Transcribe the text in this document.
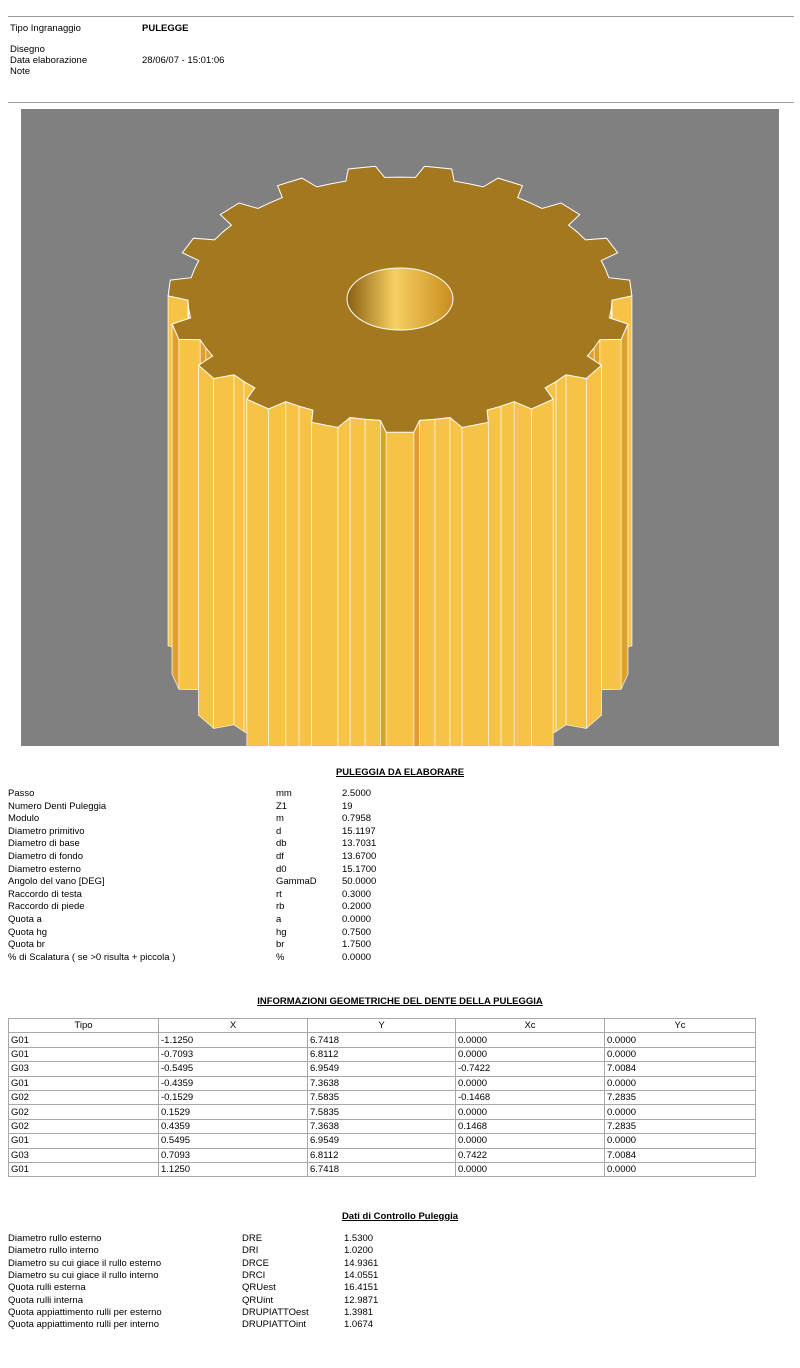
Tipo Ingranaggio	PULEGGE
Disegno
Data elaborazione	28/06/07 - 15:01:06
Note
PULEGGIA DA ELABORARE
Passo	mm	2.5000
Numero Denti Puleggia	Z1	19
Modulo	m	0.7958
Diametro primitivo	d	15.1197
Diametro di base	db	13.7031
Diametro di fondo	df	13.6700
Diametro esterno	d0	15.1700
Angolo del vano [DEG]	GammaD	50.0000
Raccordo di testa	rt	0.3000
Raccordo di piede	rb	0.2000
Quota a	a	0.0000
Quota hg	hg	0.7500
Quota br	br	1.7500
% di Scalatura ( se >0 risulta + piccola )	%	0.0000
INFORMAZIONI GEOMETRICHE DEL DENTE DELLA PULEGGIA
Tipo	X	Y	Xc	Yc
G01	-1.1250	6.7418	0.0000	0.0000
G01	-0.7093	6.8112	0.0000	0.0000
G03	-0.5495	6.9549	-0.7422	7.0084
G01	-0.4359	7.3638	0.0000	0.0000
G02	-0.1529	7.5835	-0.1468	7.2835
G02	0.1529	7.5835	0.0000	0.0000
G02	0.4359	7.3638	0.1468	7.2835
G01	0.5495	6.9549	0.0000	0.0000
G03	0.7093	6.8112	0.7422	7.0084
G01	1.1250	6.7418	0.0000	0.0000
Dati di Controllo Puleggia
Diametro rullo esterno	DRE	1.5300
Diametro rullo interno	DRI	1.0200
Diametro su cui giace il rullo esterno	DRCE	14.9361
Diametro su cui giace il rullo interno	DRCI	14.0551
Quota rulli esterna	QRUest	16.4151
Quota rulli interna	QRUint	12.9871
Quota appiattimento rulli per esterno	DRUPIATTOest	1.3981
Quota appiattimento rulli per interno	DRUPIATTOint	1.0674
